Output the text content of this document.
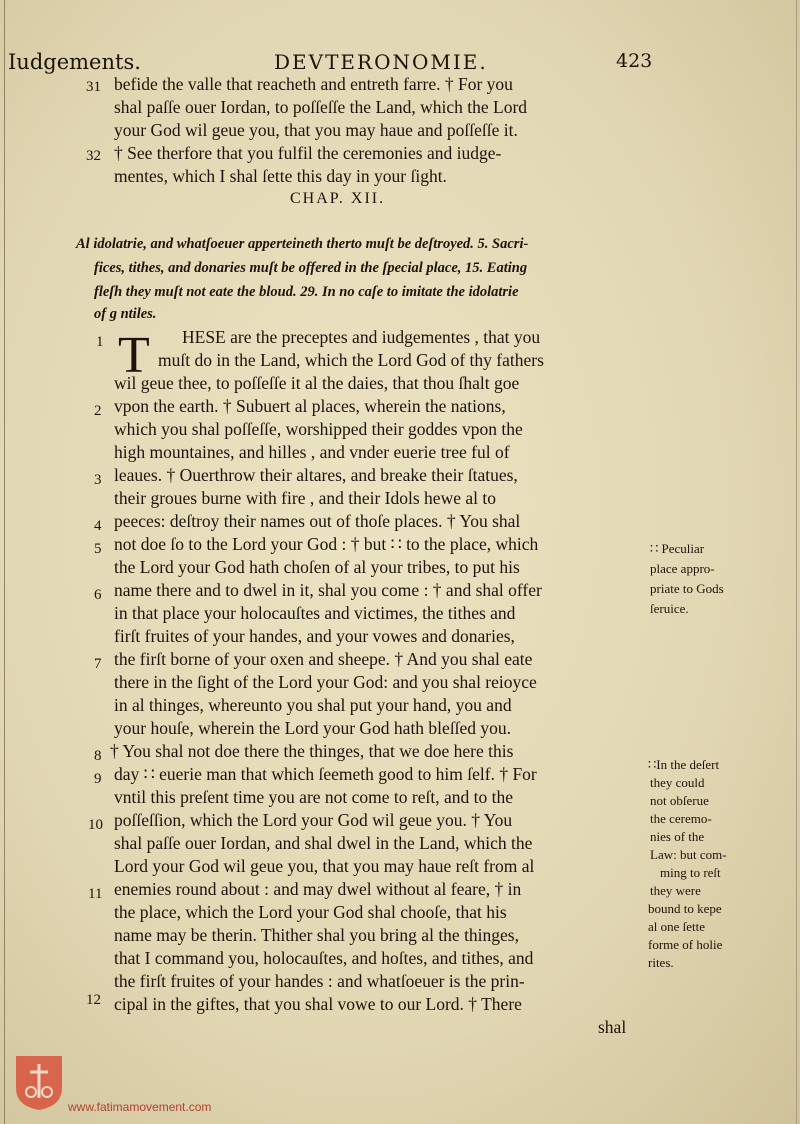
Iudgements.	DEVTERONOMIE.	423
31
32
befide the valle that reacheth and entreth farre. † For you
shal paſſe ouer Iordan, to poſſeſſe the Land, which the Lord
your God wil geue you, that you may haue and poſſeſſe it.
† See therfore that you fulfil the ceremonies and iudge-
mentes, which I shal ſette this day in your ſight.
CHAP. XII.
Al idolatrie, and whatſoeuer apperteineth therto muſt be deſtroyed. 5. Sacri-
fices, tithes, and donaries muſt be offered in the ſpecial place, 15. Eating
fleſh they muſt not eate the bloud. 29. In no caſe to imitate the idolatrie
of g ntiles.
T
1
2
3
4
5
6
7
8
9
10
11
12
HESE are the preceptes and iudgementes , that you
muſt do in the Land, which the Lord God of thy fathers
wil geue thee, to poſſeſſe it al the daies, that thou ſhalt goe
vpon the earth. † Subuert al places, wherein the nations,
which you shal poſſeſſe, worshipped their goddes vpon the
high mountaines, and hilles , and vnder euerie tree ful of
leaues. † Ouerthrow their altares, and breake their ſtatues,
their groues burne with fire , and their Idols hewe al to
peeces: deſtroy their names out of thoſe places. † You shal
not doe ſo to the Lord your God : † but ∷ to the place, which
the Lord your God hath choſen of al your tribes, to put his
name there and to dwel in it, shal you come : † and shal offer
in that place your holocauſtes and victimes, the tithes and
firſt fruites of your handes, and your vowes and donaries,
the firſt borne of your oxen and sheepe. † And you shal eate
there in the ſight of the Lord your God: and you shal reioyce
in al thinges, whereunto you shal put your hand, you and
your houſe, wherein the Lord your God hath bleſſed you.
† You shal not doe there the thinges, that we doe here this
day ∷ euerie man that which ſeemeth good to him ſelf. † For
vntil this preſent time you are not come to reſt, and to the
poſſeſſion, which the Lord your God wil geue you. † You
shal paſſe ouer Iordan, and shal dwel in the Land, which the
Lord your God wil geue you, that you may haue reſt from al
enemies round about : and may dwel without al feare, † in
the place, which the Lord your God shal chooſe, that his
name may be therin. Thither shal you bring al the thinges,
that I command you, holocauſtes, and hoſtes, and tithes, and
the firſt fruites of your handes : and whatſoeuer is the prin-
cipal in the giftes, that you shal vowe to our Lord. † There
shal
∷ Peculiar
place appro-
priate to Gods
ſeruice.
∷In the deſert
they could
not obſerue
the ceremo-
nies of the
Law: but com-
ming to reſt
they were
bound to kepe
al one ſette
forme of holie
rites.
www.fatimamovement.com
